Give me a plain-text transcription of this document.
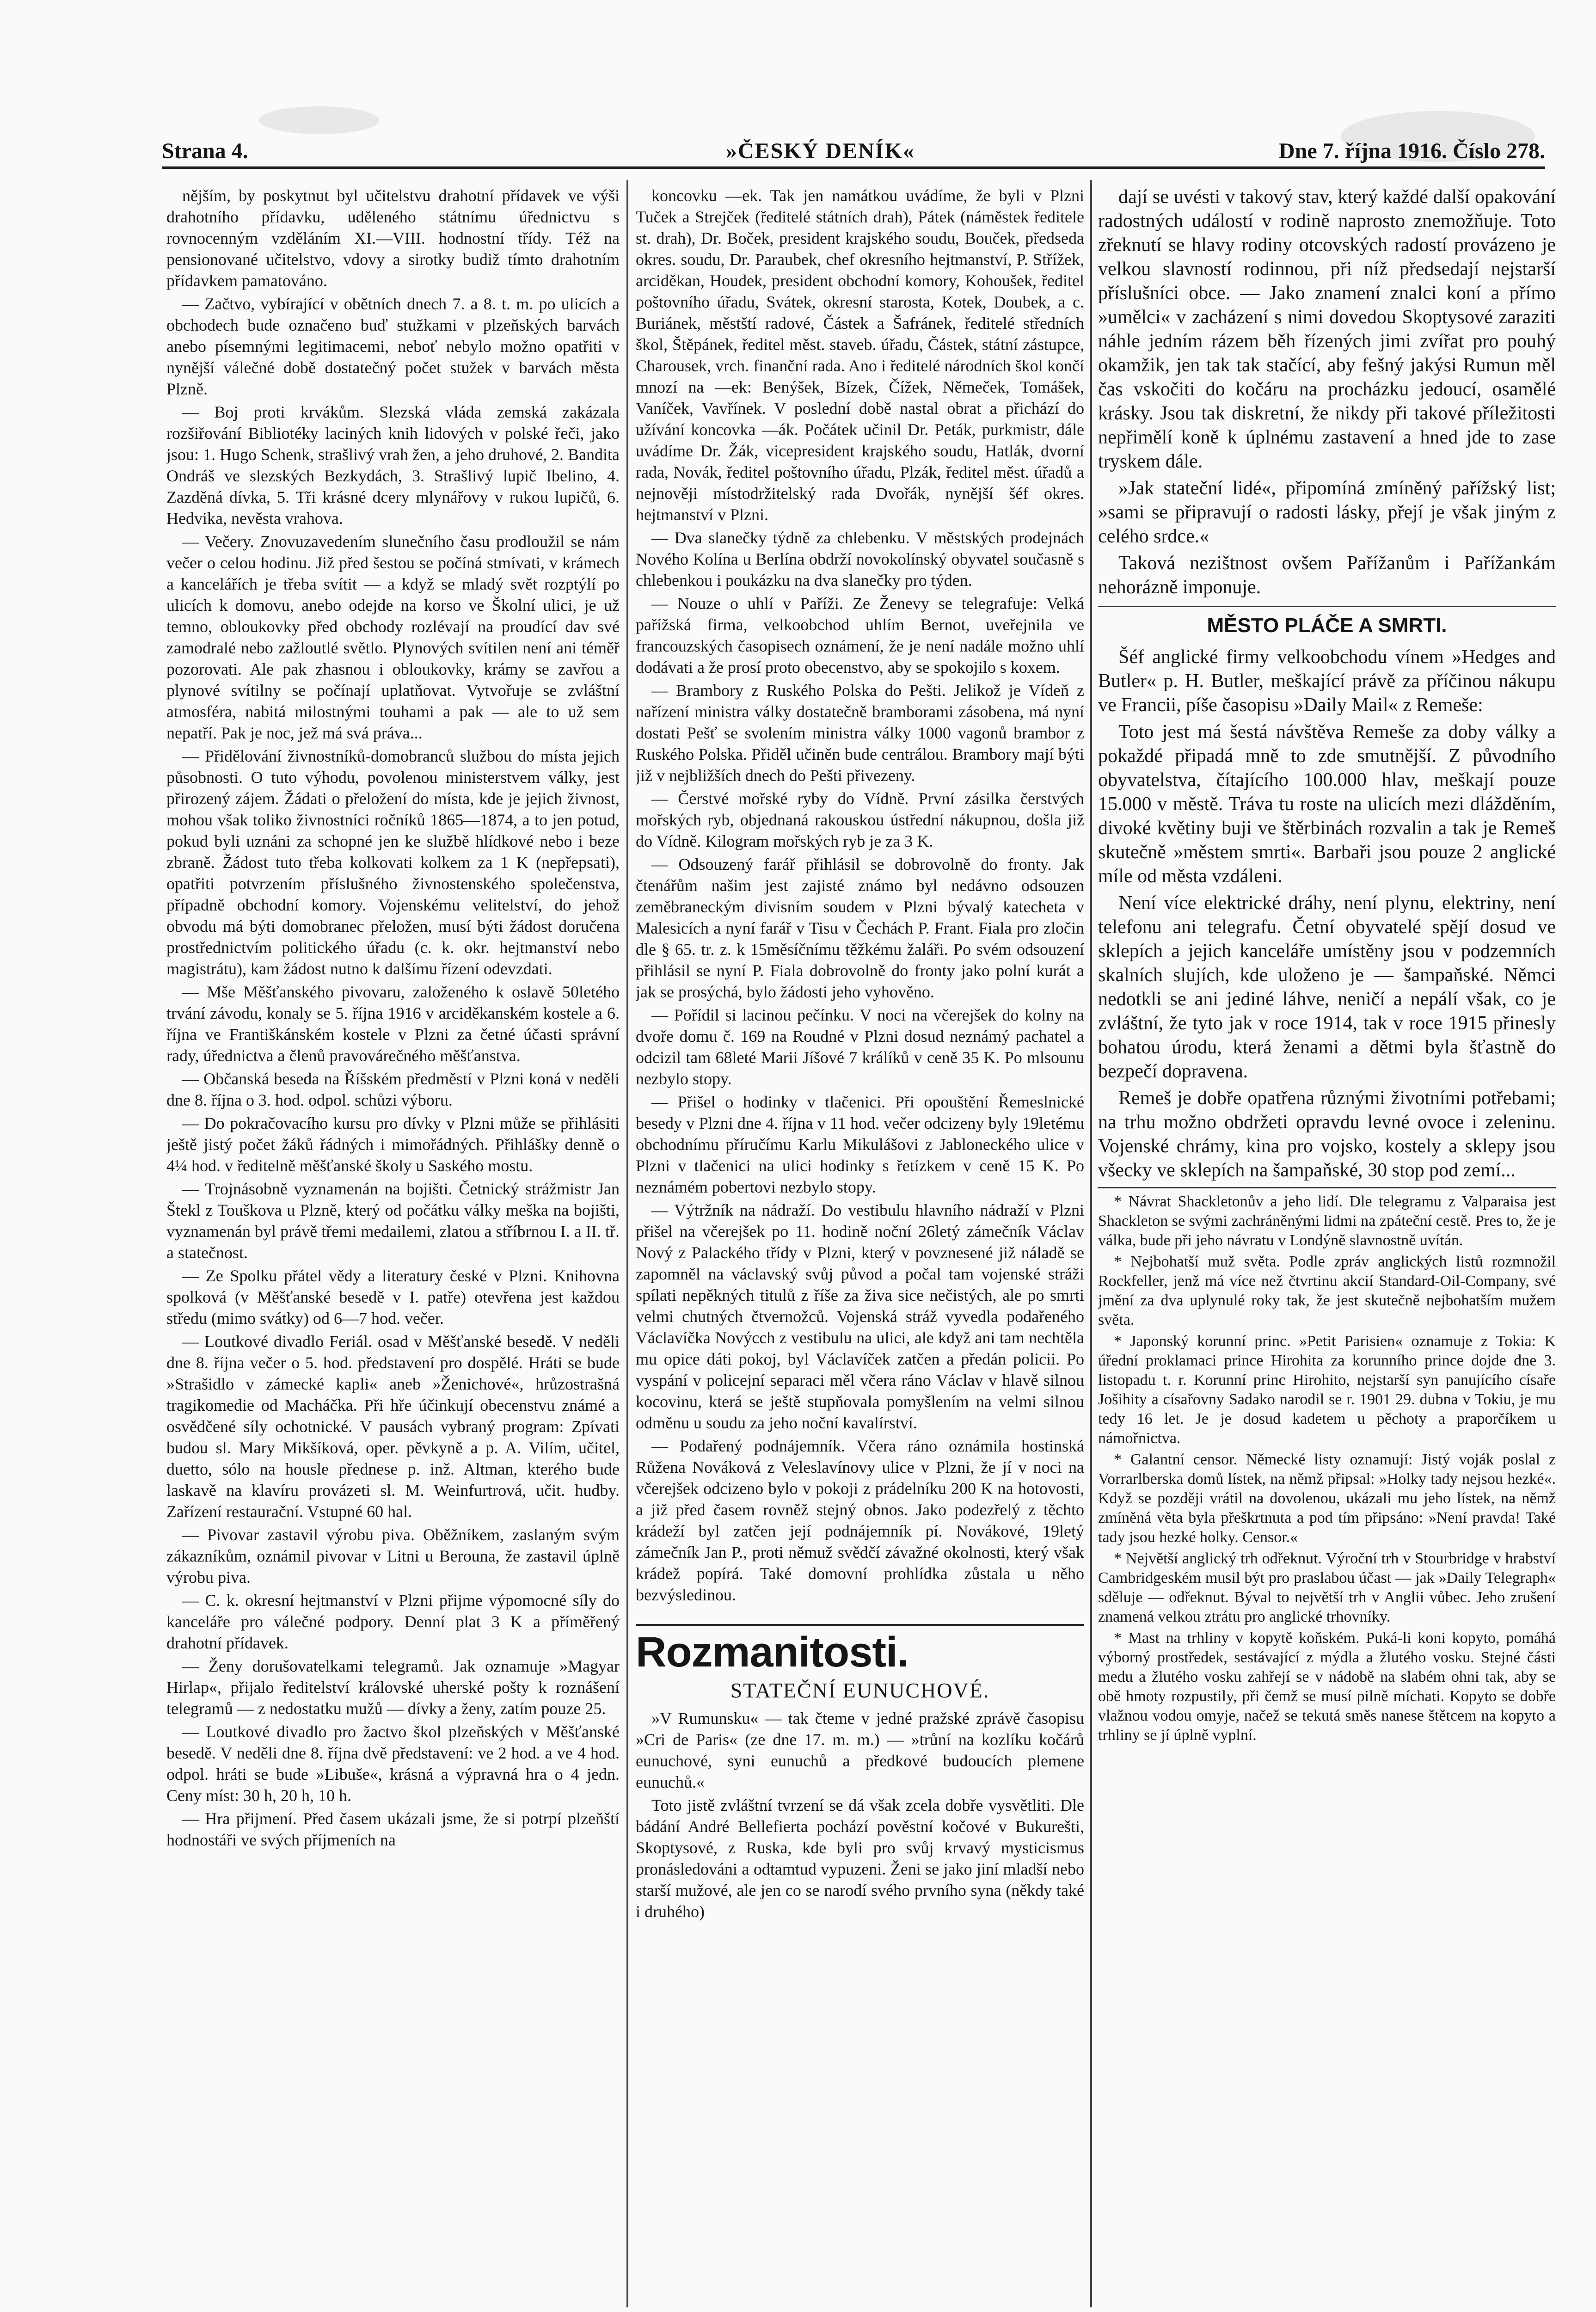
Strana 4.	»ČESKÝ DENÍK«	Dne 7. října 1916. Číslo 278.

nějším, by poskytnut byl učitelstvu drahotní přídavek ve výši drahotního přídavku, uděleného státnímu úřednictvu s rovnocenným vzděláním XI.—VIII. hodnostní třídy. Též na pensionované učitelstvo, vdovy a sirotky budiž tímto drahotním přídavkem pamatováno.

— Začtvo, vybírající v obětních dnech 7. a 8. t. m. po ulicích a obchodech bude označeno buď stužkami v plzeňských barvách anebo písemnými legitimacemi, neboť nebylo možno opatřiti v nynější válečné době dostatečný počet stužek v barvách města Plzně.

— Boj proti krvákům. Slezská vláda zemská zakázala rozšiřování Bibliotéky laciných knih lidových v polské řeči, jako jsou: 1. Hugo Schenk, strašlivý vrah žen, a jeho druhové, 2. Bandita Ondráš ve slezských Bezkydách, 3. Strašlivý lupič Ibelino, 4. Zazděná dívka, 5. Tři krásné dcery mlynářovy v rukou lupičů, 6. Hedvika, nevěsta vrahova.

— Večery. Znovuzavedením slunečního času prodloužil se nám večer o celou hodinu. Již před šestou se počíná stmívati, v krámech a kancelářích je třeba svítit — a když se mladý svět rozptýlí po ulicích k domovu, anebo odejde na korso ve Školní ulici, je už temno, obloukovky před obchody rozlévají na proudící dav své zamodralé nebo zažloutlé světlo. Plynových svítilen není ani téměř pozorovati. Ale pak zhasnou i obloukovky, krámy se zavřou a plynové svítilny se počínají uplatňovat. Vytvořuje se zvláštní atmosféra, nabitá milostnými touhami a pak — ale to už sem nepatří. Pak je noc, jež má svá práva...

— Přidělování živnostníků-domobranců službou do místa jejich působnosti. O tuto výhodu, povolenou ministerstvem války, jest přirozený zájem. Žádati o přeložení do místa, kde je jejich živnost, mohou však toliko živnostníci ročníků 1865—1874, a to jen potud, pokud byli uznáni za schopné jen ke službě hlídkové nebo i beze zbraně. Žádost tuto třeba kolkovati kolkem za 1 K (nepřepsati), opatřiti potvrzením příslušného živnostenského společenstva, případně obchodní komory. Vojenskému velitelství, do jehož obvodu má býti domobranec přeložen, musí býti žádost doručena prostřednictvím politického úřadu (c. k. okr. hejtmanství nebo magistrátu), kam žádost nutno k dalšímu řízení odevzdati.

— Mše Měšťanského pivovaru, založeného k oslavě 50letého trvání závodu, konaly se 5. října 1916 v arciděkanském kostele a 6. října ve Františkánském kostele v Plzni za četné účasti správní rady, úřednictva a členů pravovárečného měšťanstva.

— Občanská beseda na Říšském předměstí v Plzni koná v neděli dne 8. října o 3. hod. odpol. schůzi výboru.

— Do pokračovacího kursu pro dívky v Plzni může se přihlásiti ještě jistý počet žáků řádných i mimořádných. Přihlášky denně o 4¼ hod. v ředitelně měšťanské školy u Saského mostu.

— Trojnásobně vyznamenán na bojišti. Četnický strážmistr Jan Štekl z Touškova u Plzně, který od počátku války meška na bojišti, vyznamenán byl právě třemi medailemi, zlatou a stříbrnou I. a II. tř. a statečnost.

— Ze Spolku přátel vědy a literatury české v Plzni. Knihovna spolková (v Měšťanské besedě v I. patře) otevřena jest každou středu (mimo svátky) od 6—7 hod. večer.

— Loutkové divadlo Feriál. osad v Měšťanské besedě. V neděli dne 8. října večer o 5. hod. představení pro dospělé. Hráti se bude »Strašidlo v zámecké kapli« aneb »Ženichové«, hrůzostrašná tragikomedie od Macháčka. Při hře účinkují obecenstvu známé a osvědčené síly ochotnické. V pausách vybraný program: Zpívati budou sl. Mary Mikšíková, oper. pěvkyně a p. A. Vilím, učitel, duetto, sólo na housle přednese p. inž. Altman, kterého bude laskavě na klavíru provázeti sl. M. Weinfurtrová, učit. hudby. Zařízení restaurační. Vstupné 60 hal.

— Pivovar zastavil výrobu piva. Oběžníkem, zaslaným svým zákazníkům, oznámil pivovar v Litni u Berouna, že zastavil úplně výrobu piva.

— C. k. okresní hejtmanství v Plzni přijme výpomocné síly do kanceláře pro válečné podpory. Denní plat 3 K a příměřený drahotní přídavek.

— Ženy dorušovatelkami telegramů. Jak oznamuje »Magyar Hirlap«, přijalo ředitelství královské uherské pošty k roznášení telegramů — z nedostatku mužů — dívky a ženy, zatím pouze 25.

— Loutkové divadlo pro žactvo škol plzeňských v Měšťanské besedě. V neděli dne 8. října dvě představení: ve 2 hod. a ve 4 hod. odpol. hráti se bude »Libuše«, krásná a výpravná hra o 4 jedn. Ceny míst: 30 h, 20 h, 10 h.

— Hra přijmení. Před časem ukázali jsme, že si potrpí plzeňští hodnostáři ve svých příjmeních na

koncovku —ek. Tak jen namátkou uvádíme, že byli v Plzni Tuček a Strejček (ředitelé státních drah), Pátek (náměstek ředitele st. drah), Dr. Boček, president krajského soudu, Bouček, předseda okres. soudu, Dr. Paraubek, chef okresního hejtmanství, P. Střížek, arciděkan, Houdek, president obchodní komory, Kohoušek, ředitel poštovního úřadu, Svátek, okresní starosta, Kotek, Doubek, a c. Buriánek, městští radové, Částek a Šafránek, ředitelé středních škol, Štěpánek, ředitel měst. staveb. úřadu, Částek, státní zástupce, Charousek, vrch. finanční rada. Ano i ředitelé národních škol končí mnozí na —ek: Benýšek, Bízek, Čížek, Němeček, Tomášek, Vaníček, Vavřínek. V poslední době nastal obrat a přichází do užívání koncovka —ák. Počátek učinil Dr. Peták, purkmistr, dále uvádíme Dr. Žák, vicepresident krajského soudu, Hatlák, dvorní rada, Novák, ředitel poštovního úřadu, Plzák, ředitel měst. úřadů a nejnověji místodržitelský rada Dvořák, nynější šéf okres. hejtmanství v Plzni.

— Dva slanečky týdně za chlebenku. V městských prodejnách Nového Kolína u Berlína obdrží novokolínský obyvatel současně s chlebenkou i poukázku na dva slanečky pro týden.

— Nouze o uhlí v Paříži. Ze Ženevy se telegrafuje: Velká pařížská firma, velkoobchod uhlím Bernot, uveřejnila ve francouzských časopisech oznámení, že je není nadále možno uhlí dodávati a že prosí proto obecenstvo, aby se spokojilo s koxem.

— Brambory z Ruského Polska do Pešti. Jelikož je Vídeň z nařízení ministra války dostatečně bramborami zásobena, má nyní dostati Pešť se svolením ministra války 1000 vagonů brambor z Ruského Polska. Přiděl učiněn bude centrálou. Brambory mají býti již v nejbližších dnech do Pešti přivezeny.

— Čerstvé mořské ryby do Vídně. První zásilka čerstvých mořských ryb, objednaná rakouskou ústřední nákupnou, došla již do Vídně. Kilogram mořských ryb je za 3 K.

— Odsouzený farář přihlásil se dobrovolně do fronty. Jak čtenářům našim jest zajisté známo byl nedávno odsouzen zeměbraneckým divisním soudem v Plzni bývalý katecheta v Malesicích a nyní farář v Tisu v Čechách P. Frant. Fiala pro zločin dle § 65. tr. z. k 15měsíčnímu těžkému žaláři. Po svém odsouzení přihlásil se nyní P. Fiala dobrovolně do fronty jako polní kurát a jak se prosýchá, bylo žádosti jeho vyhověno.

— Pořídil si lacinou pečínku. V noci na včerejšek do kolny na dvoře domu č. 169 na Roudné v Plzni dosud neznámý pachatel a odcizil tam 68leté Marii Jíšové 7 králíků v ceně 35 K. Po mlsounu nezbylo stopy.

— Přišel o hodinky v tlačenici. Při opouštění Řemeslnické besedy v Plzni dne 4. října v 11 hod. večer odcizeny byly 19letému obchodnímu příručímu Karlu Mikulášovi z Jabloneckého ulice v Plzni v tlačenici na ulici hodinky s řetízkem v ceně 15 K. Po neznámém pobertovi nezbylo stopy.

— Výtržník na nádraží. Do vestibulu hlavního nádraží v Plzni přišel na včerejšek po 11. hodině noční 26letý zámečník Václav Nový z Palackého třídy v Plzni, který v povznesené již náladě se zapomněl na václavský svůj původ a počal tam vojenské stráži spílati nepěkných titulů z říše za živa sice nečistých, ale po smrti velmi chutných čtvernožců. Vojenská stráž vyvedla podařeného Václavíčka Novýcch z vestibulu na ulici, ale když ani tam nechtěla mu opice dáti pokoj, byl Václavíček zatčen a předán policii. Po vyspání v policejní separaci měl včera ráno Václav v hlavě silnou kocovinu, která se ještě stupňovala pomyšlením na velmi silnou odměnu u soudu za jeho noční kavalírství.

— Podařený podnájemník. Včera ráno oznámila hostinská Růžena Nováková z Veleslavínovy ulice v Plzni, že jí v noci na včerejšek odcizeno bylo v pokoji z prádelníku 200 K na hotovosti, a již před časem rovněž stejný obnos. Jako podezřelý z těchto krádeží byl zatčen její podnájemník pí. Novákové, 19letý zámečník Jan P., proti němuž svědčí závažné okolnosti, který však krádež popírá. Také domovní prohlídka zůstala u něho bezvýsledinou.

Rozmanitosti.
STATEČNÍ EUNUCHOVÉ.

»V Rumunsku« — tak čteme v jedné pražské zprávě časopisu »Cri de Paris« (ze dne 17. m. m.) — »trůní na kozlíku kočárů eunuchové, syni eunuchů a předkové budoucích plemene eunuchů.«

Toto jistě zvláštní tvrzení se dá však zcela dobře vysvětliti. Dle bádání André Bellefierta pochází pověstní kočové v Bukurešti, Skoptysové, z Ruska, kde byli pro svůj krvavý mysticismus pronásledováni a odtamtud vypuzeni. Ženi se jako jiní mladší nebo starší mužové, ale jen co se narodí svého prvního syna (někdy také i druhého)

dají se uvésti v takový stav, který každé další opakování radostných událostí v rodině naprosto znemožňuje. Toto zřeknutí se hlavy rodiny otcovských radostí provázeno je velkou slavností rodinnou, při níž předsedají nejstarší příslušníci obce. — Jako znamení znalci koní a přímo »umělci« v zacházení s nimi dovedou Skoptysové zaraziti náhle jedním rázem běh řízených jimi zvířat pro pouhý okamžik, jen tak tak stačící, aby fešný jakýsi Rumun měl čas vskočiti do kočáru na procházku jedoucí, osamělé krásky. Jsou tak diskretní, že nikdy při takové příležitosti nepřimělí koně k úplnému zastavení a hned jde to zase tryskem dále.

»Jak stateční lidé«, připomíná zmíněný pařížský list; »sami se připravují o radosti lásky, přejí je však jiným z celého srdce.«

Taková nezištnost ovšem Pařížanům i Pařížankám nehorázně imponuje.

MĚSTO PLÁČE A SMRTI.

Šéf anglické firmy velkoobchodu vínem »Hedges and Butler« p. H. Butler, meškající právě za příčinou nákupu ve Francii, píše časopisu »Daily Mail« z Remeše:

Toto jest má šestá návštěva Remeše za doby války a pokaždé připadá mně to zde smutnější. Z původního obyvatelstva, čítajícího 100.000 hlav, meškají pouze 15.000 v městě. Tráva tu roste na ulicích mezi dlážděním, divoké květiny buji ve štěrbinách rozvalin a tak je Remeš skutečně »městem smrti«. Barbaři jsou pouze 2 anglické míle od města vzdáleni.

Není více elektrické dráhy, není plynu, elektriny, není telefonu ani telegrafu. Četní obyvatelé spějí dosud ve sklepích a jejich kanceláře umístěny jsou v podzemních skalních slujích, kde uloženo je — šampaňské. Němci nedotkli se ani jediné láhve, neničí a nepálí však, co je zvláštní, že tyto jak v roce 1914, tak v roce 1915 přinesly bohatou úrodu, která ženami a dětmi byla šťastně do bezpečí dopravena.

Remeš je dobře opatřena různými životními potřebami; na trhu možno obdržeti opravdu levné ovoce i zeleninu. Vojenské chrámy, kina pro vojsko, kostely a sklepy jsou všecky ve sklepích na šampaňské, 30 stop pod zemí...

* Návrat Shackletonův a jeho lidí. Dle telegramu z Valparaisa jest Shackleton se svými zachráněnými lidmi na zpáteční cestě. Pres to, že je válka, bude při jeho návratu v Londýně slavnostně uvítán.

* Nejbohatší muž světa. Podle zpráv anglických listů rozmnožil Rockfeller, jenž má více než čtvrtinu akcií Standard-Oil-Company, své jmění za dva uplynulé roky tak, že jest skutečně nejbohatším mužem světa.

* Japonský korunní princ. »Petit Parisien« oznamuje z Tokia: K úřední proklamaci prince Hirohita za korunního prince dojde dne 3. listopadu t. r. Korunní princ Hirohito, nejstarší syn panujícího císaře Jošihity a císařovny Sadako narodil se r. 1901 29. dubna v Tokiu, je mu tedy 16 let. Je je dosud kadetem u pěchoty a praporčíkem u námořnictva.

* Galantní censor. Německé listy oznamují: Jistý voják poslal z Vorrarlberska domů lístek, na němž připsal: »Holky tady nejsou hezké«. Když se později vrátil na dovolenou, ukázali mu jeho lístek, na němž zmíněná věta byla přeškrtnuta a pod tím připsáno: »Není pravda! Také tady jsou hezké holky. Censor.«

* Největší anglický trh odřeknut. Výroční trh v Stourbridge v hrabství Cambridgeském musil být pro praslabou účast — jak »Daily Telegraph« sděluje — odřeknut. Býval to největší trh v Anglii vůbec. Jeho zrušení znamená velkou ztrátu pro anglické trhovníky.

* Mast na trhliny v kopytě koňském. Puká-li koni kopyto, pomáhá výborný prostředek, sestávající z mýdla a žlutého vosku. Stejné části medu a žlutého vosku zahřejí se v nádobě na slabém ohni tak, aby se obě hmoty rozpustily, při čemž se musí pilně míchati. Kopyto se dobře vlažnou vodou omyje, načež se tekutá směs nanese štětcem na kopyto a trhliny se jí úplně vyplní.
